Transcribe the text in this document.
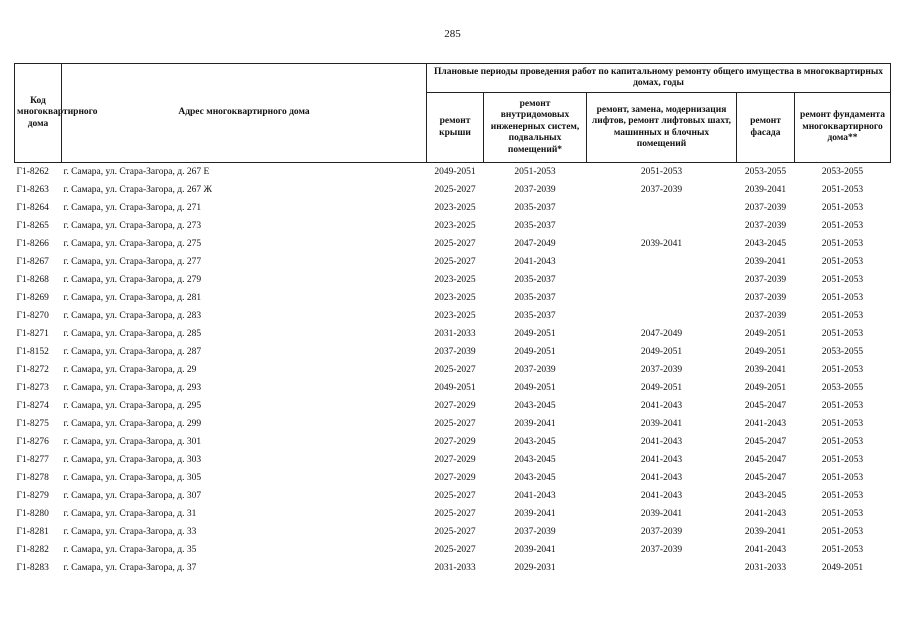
285
Код многоквартирного дома	Адрес многоквартирного дома	Плановые периоды проведения работ по капитальному ремонту общего имущества в многоквартирных домах, годы				
		ремонт крыши	ремонт внутридомовых инженерных систем, подвальных помещений*	ремонт, замена, модернизация лифтов, ремонт лифтовых шахт, машинных и блочных помещений	ремонт фасада	ремонт фундамента многоквартирного дома**
Г1-8262	г. Самара, ул. Стара-Загора, д. 267 Е	2049-2051	2051-2053	2051-2053	2053-2055	2053-2055
Г1-8263	г. Самара, ул. Стара-Загора, д. 267 Ж	2025-2027	2037-2039	2037-2039	2039-2041	2051-2053
Г1-8264	г. Самара, ул. Стара-Загора, д. 271	2023-2025	2035-2037		2037-2039	2051-2053
Г1-8265	г. Самара, ул. Стара-Загора, д. 273	2023-2025	2035-2037		2037-2039	2051-2053
Г1-8266	г. Самара, ул. Стара-Загора, д. 275	2025-2027	2047-2049	2039-2041	2043-2045	2051-2053
Г1-8267	г. Самара, ул. Стара-Загора, д. 277	2025-2027	2041-2043		2039-2041	2051-2053
Г1-8268	г. Самара, ул. Стара-Загора, д. 279	2023-2025	2035-2037		2037-2039	2051-2053
Г1-8269	г. Самара, ул. Стара-Загора, д. 281	2023-2025	2035-2037		2037-2039	2051-2053
Г1-8270	г. Самара, ул. Стара-Загора, д. 283	2023-2025	2035-2037		2037-2039	2051-2053
Г1-8271	г. Самара, ул. Стара-Загора, д. 285	2031-2033	2049-2051	2047-2049	2049-2051	2051-2053
Г1-8152	г. Самара, ул. Стара-Загора, д. 287	2037-2039	2049-2051	2049-2051	2049-2051	2053-2055
Г1-8272	г. Самара, ул. Стара-Загора, д. 29	2025-2027	2037-2039	2037-2039	2039-2041	2051-2053
Г1-8273	г. Самара, ул. Стара-Загора, д. 293	2049-2051	2049-2051	2049-2051	2049-2051	2053-2055
Г1-8274	г. Самара, ул. Стара-Загора, д. 295	2027-2029	2043-2045	2041-2043	2045-2047	2051-2053
Г1-8275	г. Самара, ул. Стара-Загора, д. 299	2025-2027	2039-2041	2039-2041	2041-2043	2051-2053
Г1-8276	г. Самара, ул. Стара-Загора, д. 301	2027-2029	2043-2045	2041-2043	2045-2047	2051-2053
Г1-8277	г. Самара, ул. Стара-Загора, д. 303	2027-2029	2043-2045	2041-2043	2045-2047	2051-2053
Г1-8278	г. Самара, ул. Стара-Загора, д. 305	2027-2029	2043-2045	2041-2043	2045-2047	2051-2053
Г1-8279	г. Самара, ул. Стара-Загора, д. 307	2025-2027	2041-2043	2041-2043	2043-2045	2051-2053
Г1-8280	г. Самара, ул. Стара-Загора, д. 31	2025-2027	2039-2041	2039-2041	2041-2043	2051-2053
Г1-8281	г. Самара, ул. Стара-Загора, д. 33	2025-2027	2037-2039	2037-2039	2039-2041	2051-2053
Г1-8282	г. Самара, ул. Стара-Загора, д. 35	2025-2027	2039-2041	2037-2039	2041-2043	2051-2053
Г1-8283	г. Самара, ул. Стара-Загора, д. 37	2031-2033	2029-2031		2031-2033	2049-2051
